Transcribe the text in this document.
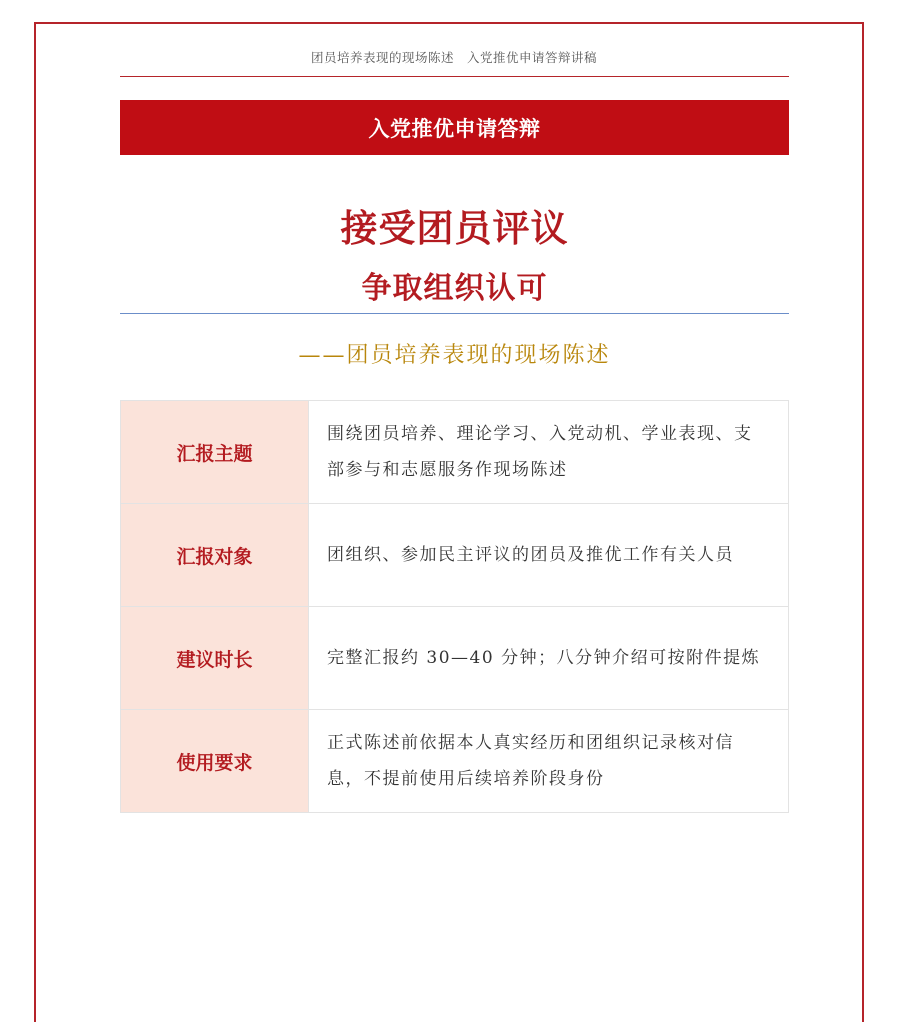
团员培养表现的现场陈述　入党推优申请答辩讲稿
入党推优申请答辩
接受团员评议
争取组织认可
——团员培养表现的现场陈述
汇报主题	围绕团员培养、理论学习、入党动机、学业表现、支部参与和志愿服务作现场陈述
汇报对象	团组织、参加民主评议的团员及推优工作有关人员
建议时长	完整汇报约 30—40 分钟；八分钟介绍可按附件提炼
使用要求	正式陈述前依据本人真实经历和团组织记录核对信息，不提前使用后续培养阶段身份
